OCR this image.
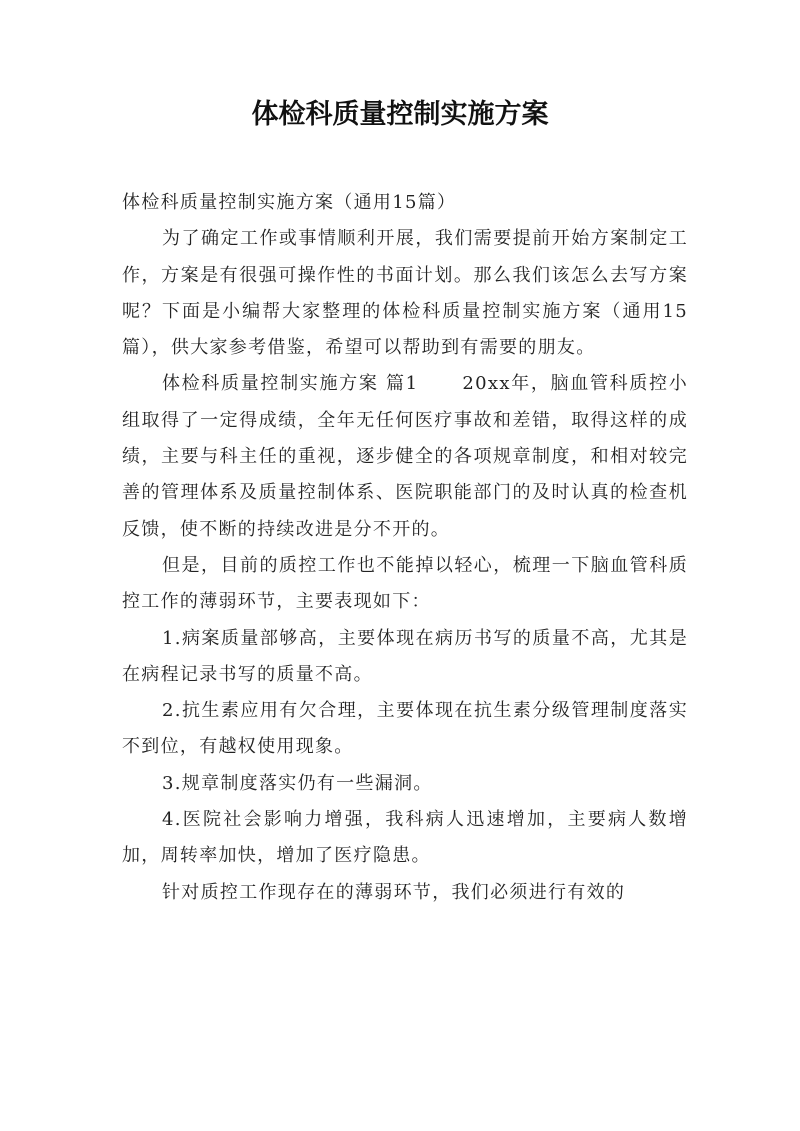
体检科质量控制实施方案

体检科质量控制实施方案（通用15篇）

为了确定工作或事情顺利开展，我们需要提前开始方案制定工作，方案是有很强可操作性的书面计划。那么我们该怎么去写方案呢？下面是小编帮大家整理的体检科质量控制实施方案（通用15篇），供大家参考借鉴，希望可以帮助到有需要的朋友。

体检科质量控制实施方案 篇1 20xx年，脑血管科质控小组取得了一定得成绩，全年无任何医疗事故和差错，取得这样的成绩，主要与科主任的重视，逐步健全的各项规章制度，和相对较完善的管理体系及质量控制体系、医院职能部门的及时认真的检查机反馈，使不断的持续改进是分不开的。

但是，目前的质控工作也不能掉以轻心，梳理一下脑血管科质控工作的薄弱环节，主要表现如下：

1.病案质量部够高，主要体现在病历书写的质量不高，尤其是在病程记录书写的质量不高。

2.抗生素应用有欠合理，主要体现在抗生素分级管理制度落实不到位，有越权使用现象。

3.规章制度落实仍有一些漏洞。

4.医院社会影响力增强，我科病人迅速增加，主要病人数增加，周转率加快，增加了医疗隐患。

针对质控工作现存在的薄弱环节，我们必须进行有效的
